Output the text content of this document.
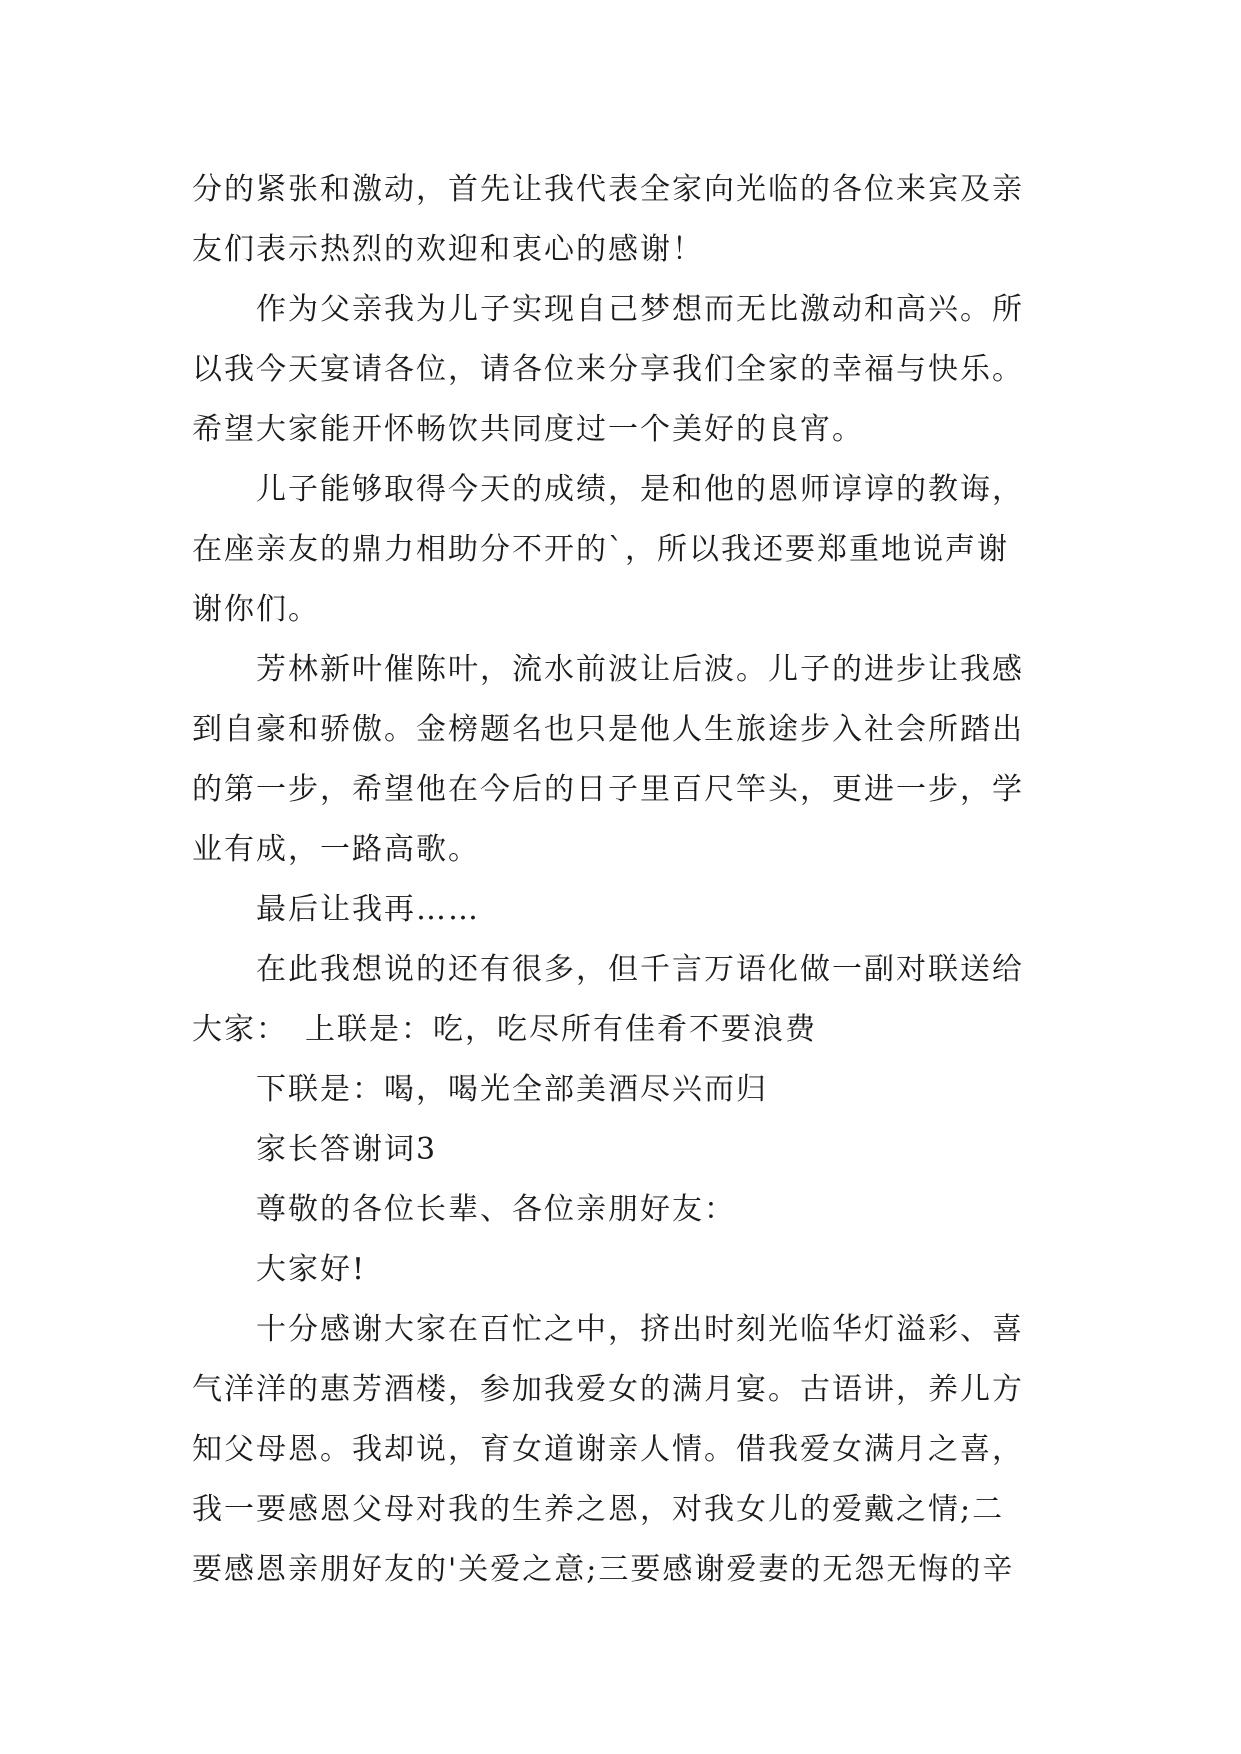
分的紧张和激动，首先让我代表全家向光临的各位来宾及亲
友们表示热烈的欢迎和衷心的感谢！
作为父亲我为儿子实现自己梦想而无比激动和高兴。所
以我今天宴请各位，请各位来分享我们全家的幸福与快乐。
希望大家能开怀畅饮共同度过一个美好的良宵。
儿子能够取得今天的成绩，是和他的恩师谆谆的教诲，
在座亲友的鼎力相助分不开的`，所以我还要郑重地说声谢
谢你们。
芳林新叶催陈叶，流水前波让后波。儿子的进步让我感
到自豪和骄傲。金榜题名也只是他人生旅途步入社会所踏出
的第一步，希望他在今后的日子里百尺竿头，更进一步，学
业有成，一路高歌。
最后让我再……
在此我想说的还有很多，但千言万语化做一副对联送给
大家：　上联是：吃，吃尽所有佳肴不要浪费
下联是：喝，喝光全部美酒尽兴而归
家长答谢词3
尊敬的各位长辈、各位亲朋好友：
大家好!
十分感谢大家在百忙之中，挤出时刻光临华灯溢彩、喜
气洋洋的惠芳酒楼，参加我爱女的满月宴。古语讲，养儿方
知父母恩。我却说，育女道谢亲人情。借我爱女满月之喜，
我一要感恩父母对我的生养之恩，对我女儿的爱戴之情;二
要感恩亲朋好友的'关爱之意;三要感谢爱妻的无怨无悔的辛
